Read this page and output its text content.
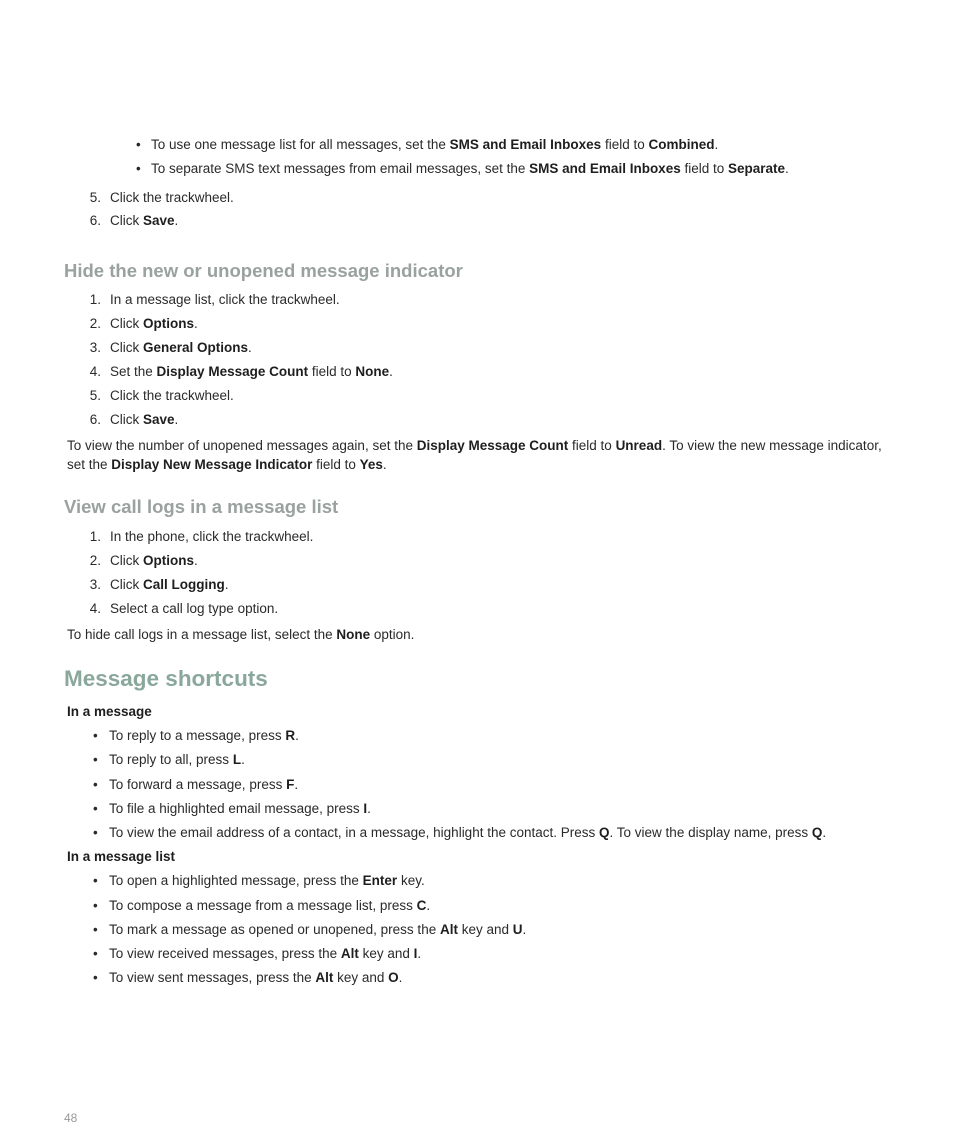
• To use one message list for all messages, set the SMS and Email Inboxes field to Combined.
• To separate SMS text messages from email messages, set the SMS and Email Inboxes field to Separate.
5. Click the trackwheel.
6. Click Save.
Hide the new or unopened message indicator
1. In a message list, click the trackwheel.
2. Click Options.
3. Click General Options.
4. Set the Display Message Count field to None.
5. Click the trackwheel.
6. Click Save.
To view the number of unopened messages again, set the Display Message Count field to Unread. To view the new message indicator,
set the Display New Message Indicator field to Yes.
View call logs in a message list
1. In the phone, click the trackwheel.
2. Click Options.
3. Click Call Logging.
4. Select a call log type option.
To hide call logs in a message list, select the None option.
Message shortcuts
In a message
• To reply to a message, press R.
• To reply to all, press L.
• To forward a message, press F.
• To file a highlighted email message, press I.
• To view the email address of a contact, in a message, highlight the contact. Press Q. To view the display name, press Q.
In a message list
• To open a highlighted message, press the Enter key.
• To compose a message from a message list, press C.
• To mark a message as opened or unopened, press the Alt key and U.
• To view received messages, press the Alt key and I.
• To view sent messages, press the Alt key and O.
48
